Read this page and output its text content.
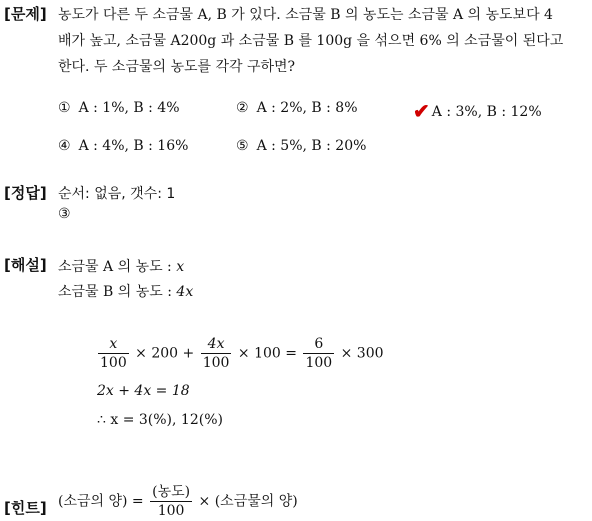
[문제] 농도가 다른 두 소금물 A, B 가 있다. 소금물 B 의 농도는 소금물 A 의 농도보다 4
배가 높고, 소금물 A200g 과 소금물 B 를 100g 을 섞으면 6% 의 소금물이 된다고
한다. 두 소금물의 농도를 각각 구하면?
① A : 1%, B : 4%	② A : 2%, B : 8%	✔ A : 3%, B : 12%
④ A : 4%, B : 16%	⑤ A : 5%, B : 20%
[정답] 순서: 없음, 갯수: 1
③
[해설] 소금물 A 의 농도 : x
소금물 B 의 농도 : 4x
$\frac{x}{100} \times 200 + \frac{4x}{100} \times 100 = \frac{6}{100} \times 300$
2x + 4x = 18
∴ x = 3(%), 12(%)
[힌트] (소금의 양) = $\frac{\text{(농도)}}{100}$ × (소금물의 양)
